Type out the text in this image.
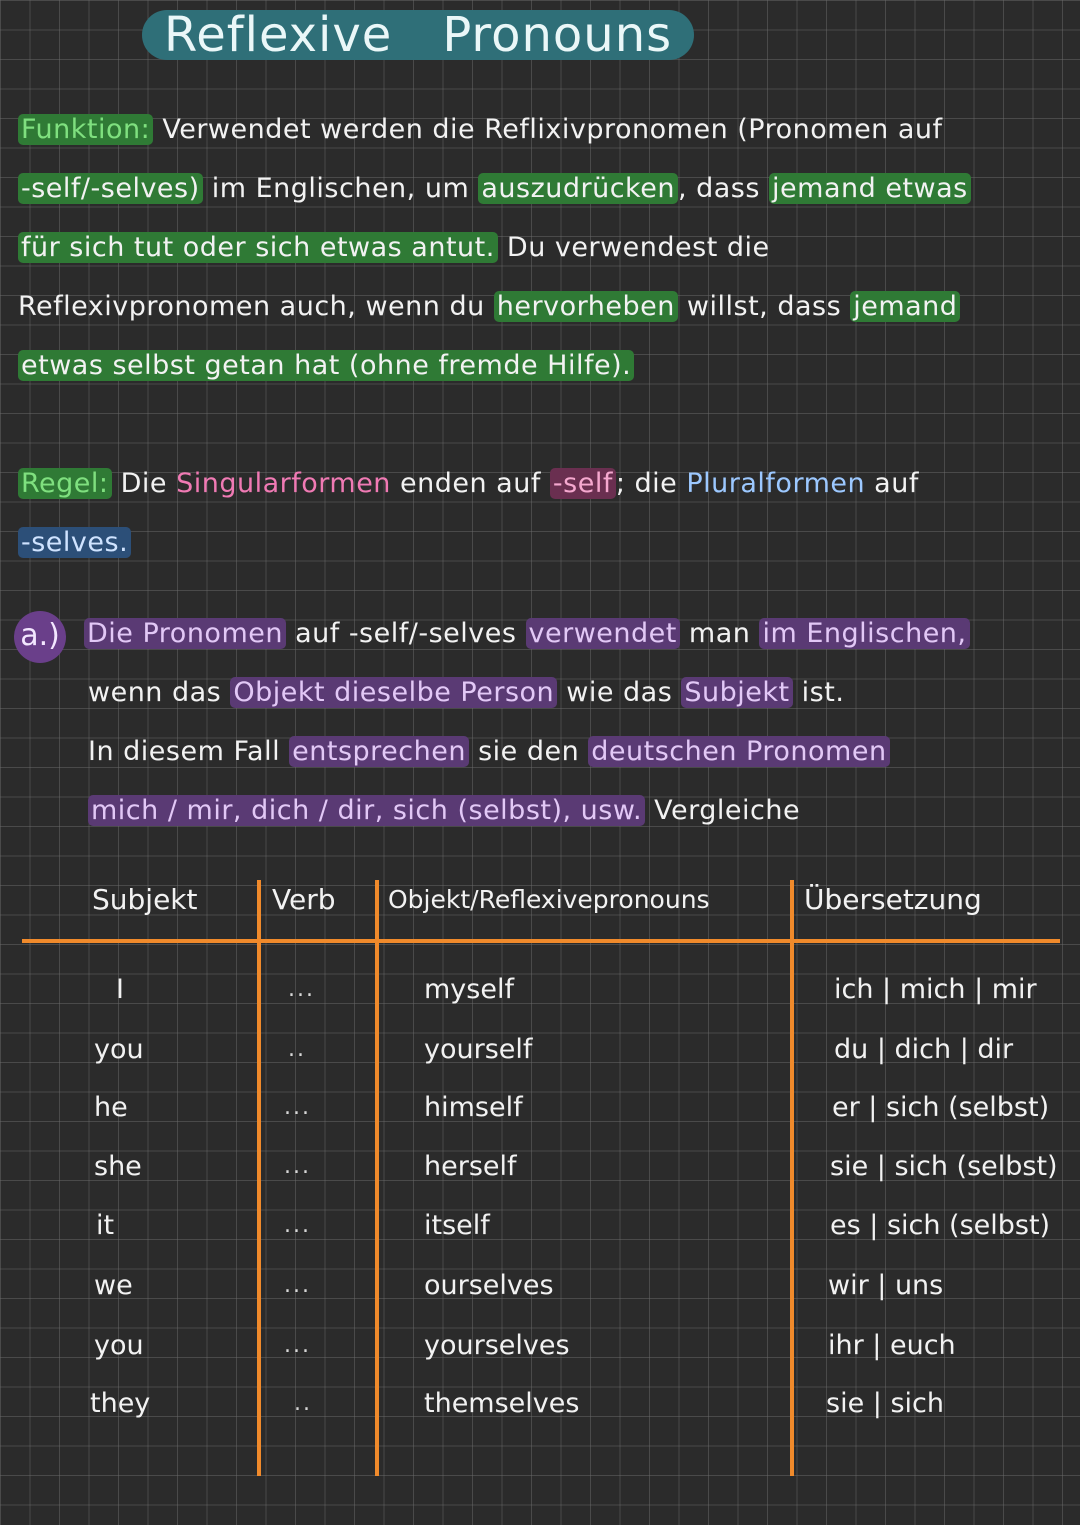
Reflexive Pronouns
Funktion: Verwendet werden die Reflixivpronomen (Pronomen auf
-self/-selves) im Englischen, um auszudrücken , dass jemand etwas
für sich tut oder sich etwas antut. Du verwendest die
Reflexivpronomen auch, wenn du hervorheben willst, dass jemand
etwas selbst getan hat (ohne fremde Hilfe).
Regel: Die Singularformen enden auf -self ; die Pluralformen auf
-selves.
a.) Die Pronomen auf -self/-selves verwendet man im Englischen,
wenn das Objekt dieselbe Person wie das Subjekt ist.
In diesem Fall entsprechen sie den deutschen Pronomen
mich / mir, dich / dir, sich (selbst), usw. Vergleiche
Subjekt	Verb Objekt/Reflexivepronouns	Übersetzung
I	...	myself	ich | mich | mir
you	..	yourself	du | dich | dir
he	...	himself	er | sich (selbst)
she	...	herself	sie | sich (selbst)
it	...	itself	es | sich (selbst)
we	...	ourselves	wir | uns
you	...	yourselves	ihr | euch
they	..	themselves	sie | sich
